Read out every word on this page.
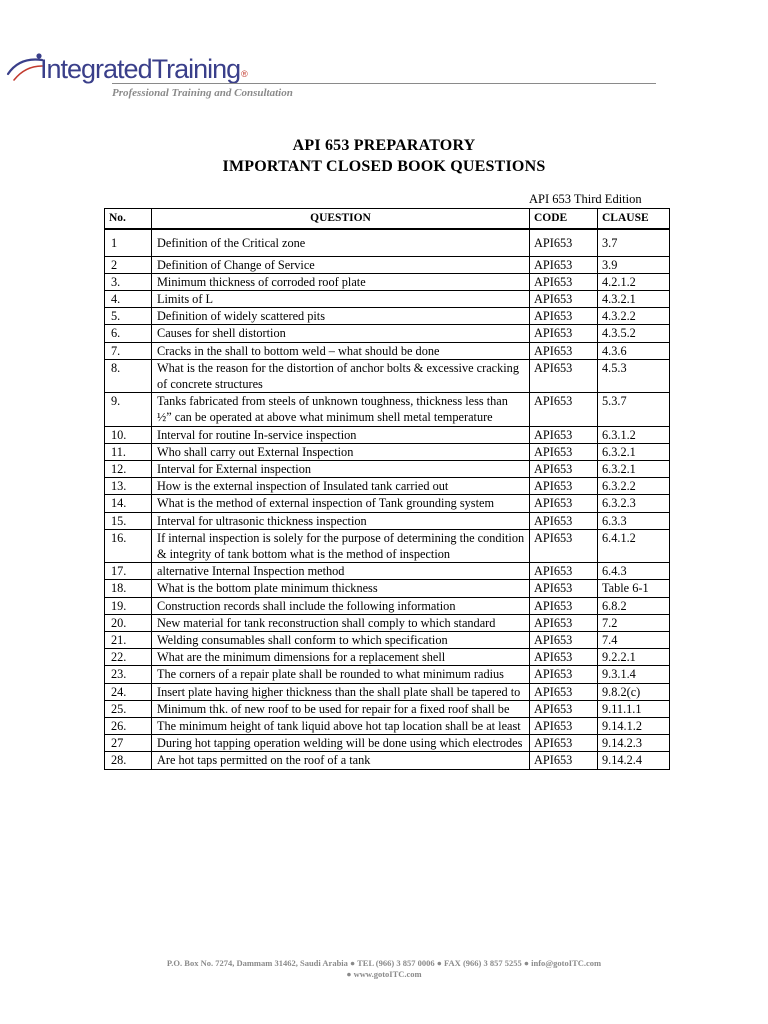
IntegratedTraining®
Professional Training and Consultation
API 653 PREPARATORY
IMPORTANT CLOSED BOOK QUESTIONS
API 653 Third Edition
No.	QUESTION	CODE	CLAUSE
1	Definition of the Critical zone	API653	3.7
2	Definition of Change of Service	API653	3.9
3.	Minimum thickness of corroded roof plate	API653	4.2.1.2
4.	Limits of L	API653	4.3.2.1
5.	Definition of widely scattered pits	API653	4.3.2.2
6.	Causes for shell distortion	API653	4.3.5.2
7.	Cracks in the shall to bottom weld – what should be done	API653	4.3.6
8.	What is the reason for the distortion of anchor bolts & excessive cracking of concrete structures	API653	4.5.3
9.	Tanks fabricated from steels of unknown toughness, thickness less than ½” can be operated at above what minimum shell metal temperature	API653	5.3.7
10.	Interval for routine In-service inspection	API653	6.3.1.2
11.	Who shall carry out External Inspection	API653	6.3.2.1
12.	Interval for External inspection	API653	6.3.2.1
13.	How is the external inspection of Insulated tank carried out	API653	6.3.2.2
14.	What is the method of external inspection of Tank grounding system	API653	6.3.2.3
15.	Interval for ultrasonic thickness inspection	API653	6.3.3
16.	If internal inspection is solely for the purpose of determining the condition & integrity of tank bottom what is the method of inspection	API653	6.4.1.2
17.	alternative Internal Inspection method	API653	6.4.3
18.	What is the bottom plate minimum thickness	API653	Table 6-1
19.	Construction records shall include the following information	API653	6.8.2
20.	New material for tank reconstruction shall comply to which standard	API653	7.2
21.	Welding consumables shall conform to which specification	API653	7.4
22.	What are the minimum dimensions for a replacement shell	API653	9.2.2.1
23.	The corners of a repair plate shall be rounded to what minimum radius	API653	9.3.1.4
24.	Insert plate having higher thickness than the shall plate shall be tapered to	API653	9.8.2(c)
25.	Minimum thk. of new roof to be used for repair for a fixed roof shall be	API653	9.11.1.1
26.	The minimum height of tank liquid above hot tap location shall be at least	API653	9.14.1.2
27	During hot tapping operation welding will be done using which electrodes	API653	9.14.2.3
28.	Are hot taps permitted on the roof of a tank	API653	9.14.2.4
P.O. Box No. 7274, Dammam 31462, Saudi Arabia ● TEL (966) 3 857 0006 ● FAX (966) 3 857 5255 ● info@gotoITC.com
● www.gotoITC.com
